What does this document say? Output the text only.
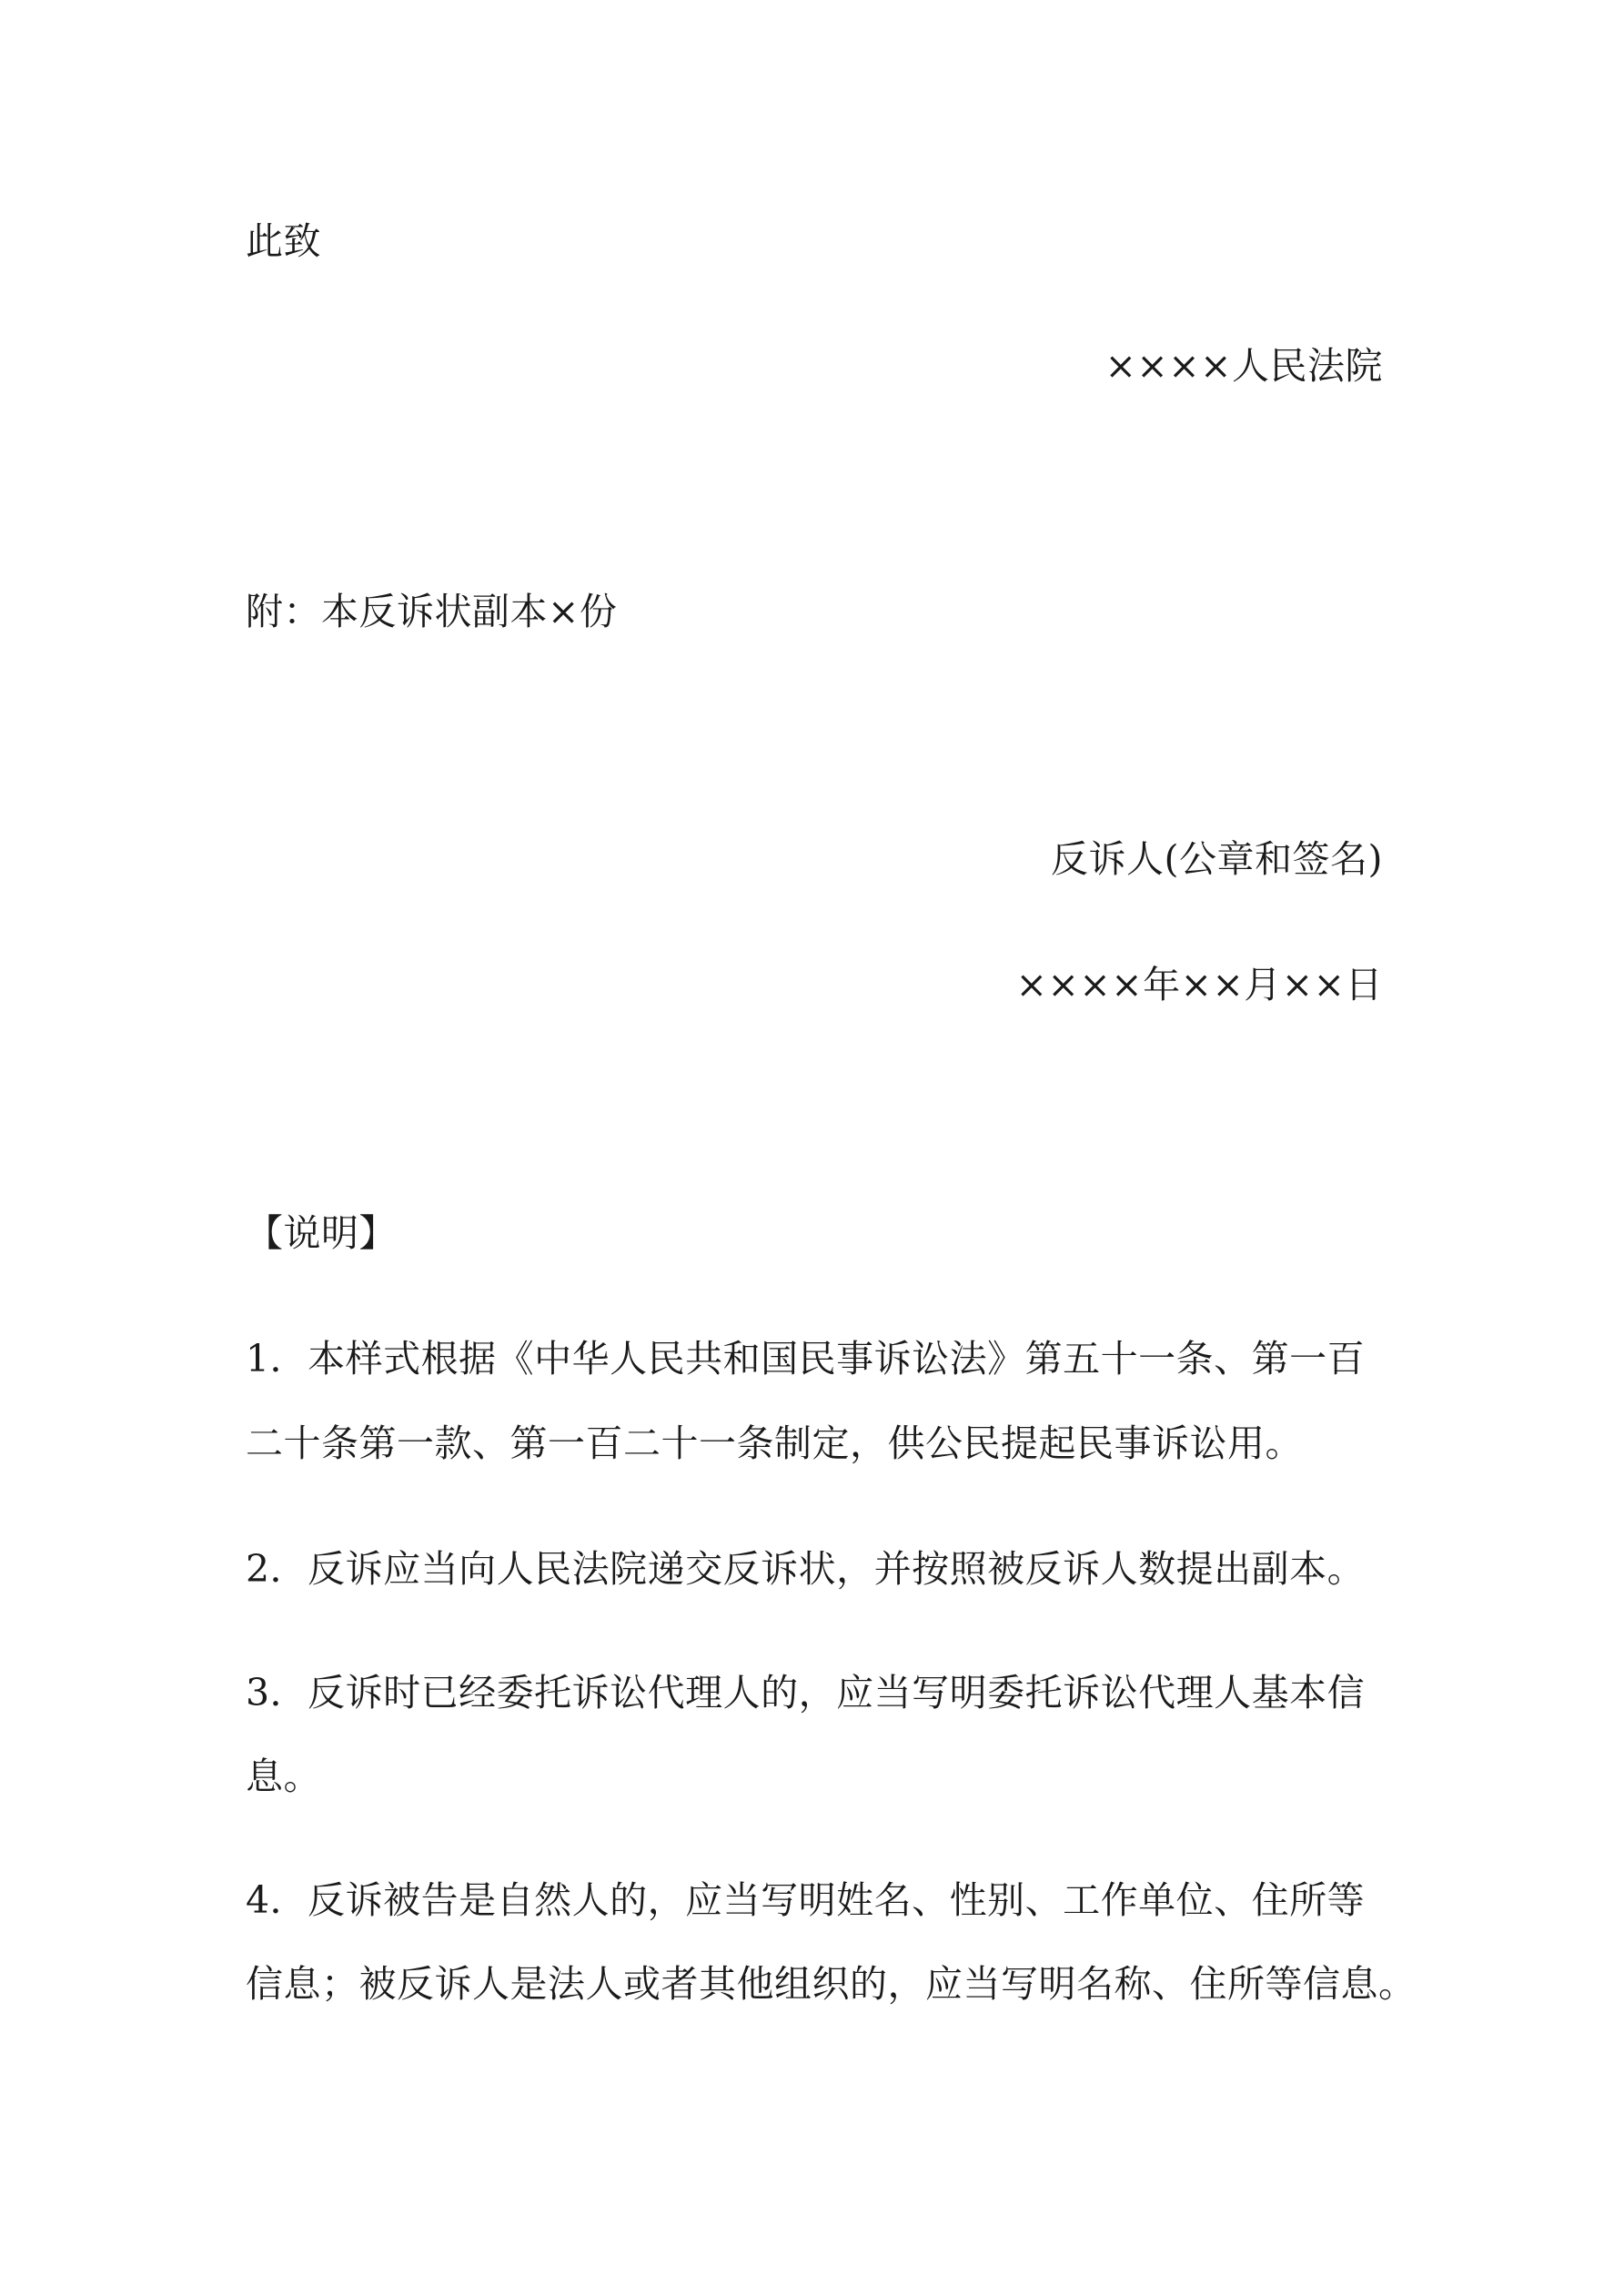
此致
××××人民法院
附：本反诉状副本×份
反诉人(公章和签名)
××××年××月××日
【说明】
1．本样式根据《中华人民共和国民事诉讼法》第五十一条、第一百
二十条第一款、第一百二十一条制定，供公民提起民事诉讼用。
2．反诉应当向人民法院递交反诉状，并按照被反诉人数提出副本。
3．反诉时已经委托诉讼代理人的，应当写明委托诉讼代理人基本信
息。
4．反诉被告是自然人的，应当写明姓名、性别、工作单位、住所等
信息；被反诉人是法人或者其他组织的，应当写明名称、住所等信息。
